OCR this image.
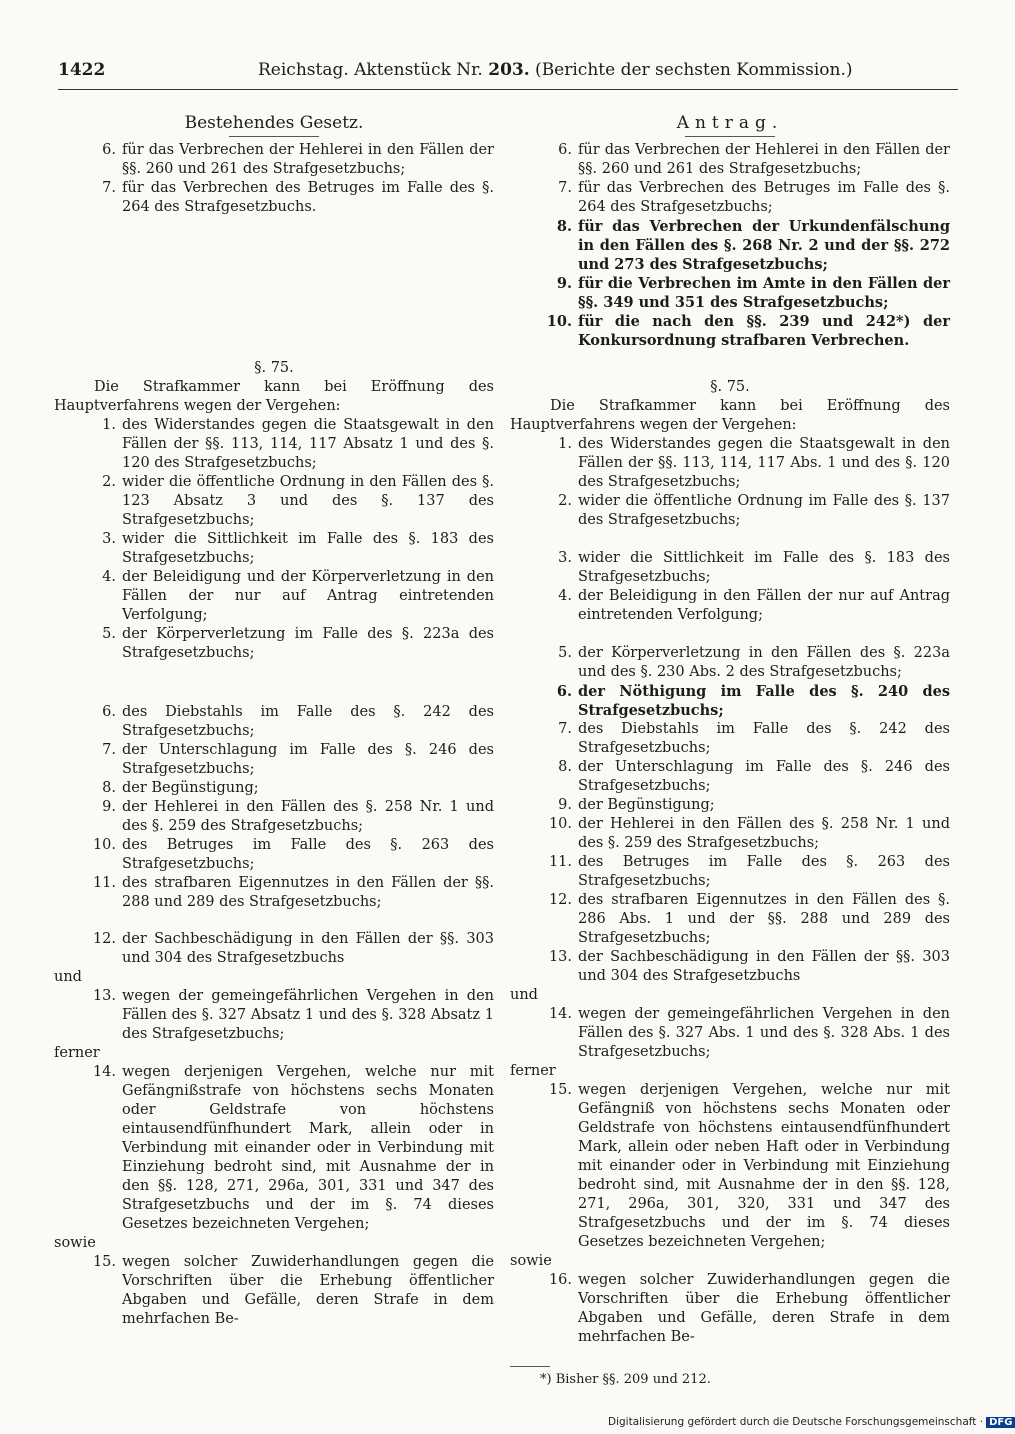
1422	Reichstag. Aktenstück Nr. 203. (Berichte der sechsten Kommission.)
Bestehendes Gesetz.
6. für das Verbrechen der Hehlerei in den Fällen der §§. 260 und 261 des Strafgesetzbuchs;
7. für das Verbrechen des Betruges im Falle des §. 264 des Strafgesetzbuchs.
§. 75.
Die Strafkammer kann bei Eröffnung des Hauptverfahrens wegen der Vergehen:
1. des Widerstandes gegen die Staatsgewalt in den Fällen der §§. 113, 114, 117 Absatz 1 und des §. 120 des Strafgesetzbuchs;
2. wider die öffentliche Ordnung in den Fällen des §. 123 Absatz 3 und des §. 137 des Strafgesetzbuchs;
3. wider die Sittlichkeit im Falle des §. 183 des Strafgesetzbuchs;
4. der Beleidigung und der Körperverletzung in den Fällen der nur auf Antrag eintretenden Verfolgung;
5. der Körperverletzung im Falle des §. 223a des Strafgesetzbuchs;
6. des Diebstahls im Falle des §. 242 des Strafgesetzbuchs;
7. der Unterschlagung im Falle des §. 246 des Strafgesetzbuchs;
8. der Begünstigung;
9. der Hehlerei in den Fällen des §. 258 Nr. 1 und des §. 259 des Strafgesetzbuchs;
10. des Betruges im Falle des §. 263 des Strafgesetzbuchs;
11. des strafbaren Eigennutzes in den Fällen der §§. 288 und 289 des Strafgesetzbuchs;
12. der Sachbeschädigung in den Fällen der §§. 303 und 304 des Strafgesetzbuchs
und
13. wegen der gemeingefährlichen Vergehen in den Fällen des §. 327 Absatz 1 und des §. 328 Absatz 1 des Strafgesetzbuchs;
ferner
14. wegen derjenigen Vergehen, welche nur mit Gefängnißstrafe von höchstens sechs Monaten oder Geldstrafe von höchstens eintausendfünfhundert Mark, allein oder in Verbindung mit einander oder in Verbindung mit Einziehung bedroht sind, mit Ausnahme der in den §§. 128, 271, 296a, 301, 331 und 347 des Strafgesetzbuchs und der im §. 74 dieses Gesetzes bezeichneten Vergehen;
sowie
15. wegen solcher Zuwiderhandlungen gegen die Vorschriften über die Erhebung öffentlicher Abgaben und Gefälle, deren Strafe in dem mehrfachen Be-
Antrag.
6. für das Verbrechen der Hehlerei in den Fällen der §§. 260 und 261 des Strafgesetzbuchs;
7. für das Verbrechen des Betruges im Falle des §. 264 des Strafgesetzbuchs;
8. für das Verbrechen der Urkundenfälschung in den Fällen des §. 268 Nr. 2 und der §§. 272 und 273 des Strafgesetzbuchs;
9. für die Verbrechen im Amte in den Fällen der §§. 349 und 351 des Strafgesetzbuchs;
10. für die nach den §§. 239 und 242*) der Konkursordnung strafbaren Verbrechen.
§. 75.
Die Strafkammer kann bei Eröffnung des Hauptverfahrens wegen der Vergehen:
1. des Widerstandes gegen die Staatsgewalt in den Fällen der §§. 113, 114, 117 Abs. 1 und des §. 120 des Strafgesetzbuchs;
2. wider die öffentliche Ordnung im Falle des §. 137 des Strafgesetzbuchs;
3. wider die Sittlichkeit im Falle des §. 183 des Strafgesetzbuchs;
4. der Beleidigung in den Fällen der nur auf Antrag eintretenden Verfolgung;
5. der Körperverletzung in den Fällen des §. 223a und des §. 230 Abs. 2 des Strafgesetzbuchs;
6. der Nöthigung im Falle des §. 240 des Strafgesetzbuchs;
7. des Diebstahls im Falle des §. 242 des Strafgesetzbuchs;
8. der Unterschlagung im Falle des §. 246 des Strafgesetzbuchs;
9. der Begünstigung;
10. der Hehlerei in den Fällen des §. 258 Nr. 1 und des §. 259 des Strafgesetzbuchs;
11. des Betruges im Falle des §. 263 des Strafgesetzbuchs;
12. des strafbaren Eigennutzes in den Fällen des §. 286 Abs. 1 und der §§. 288 und 289 des Strafgesetzbuchs;
13. der Sachbeschädigung in den Fällen der §§. 303 und 304 des Strafgesetzbuchs
und
14. wegen der gemeingefährlichen Vergehen in den Fällen des §. 327 Abs. 1 und des §. 328 Abs. 1 des Strafgesetzbuchs;
ferner
15. wegen derjenigen Vergehen, welche nur mit Gefängniß von höchstens sechs Monaten oder Geldstrafe von höchstens eintausendfünfhundert Mark, allein oder neben Haft oder in Verbindung mit einander oder in Verbindung mit Einziehung bedroht sind, mit Ausnahme der in den §§. 128, 271, 296a, 301, 320, 331 und 347 des Strafgesetzbuchs und der im §. 74 dieses Gesetzes bezeichneten Vergehen;
sowie
16. wegen solcher Zuwiderhandlungen gegen die Vorschriften über die Erhebung öffentlicher Abgaben und Gefälle, deren Strafe in dem mehrfachen Be-
*) Bisher §§. 209 und 212.
Digitalisierung gefördert durch die Deutsche Forschungsgemeinschaft · DFG
